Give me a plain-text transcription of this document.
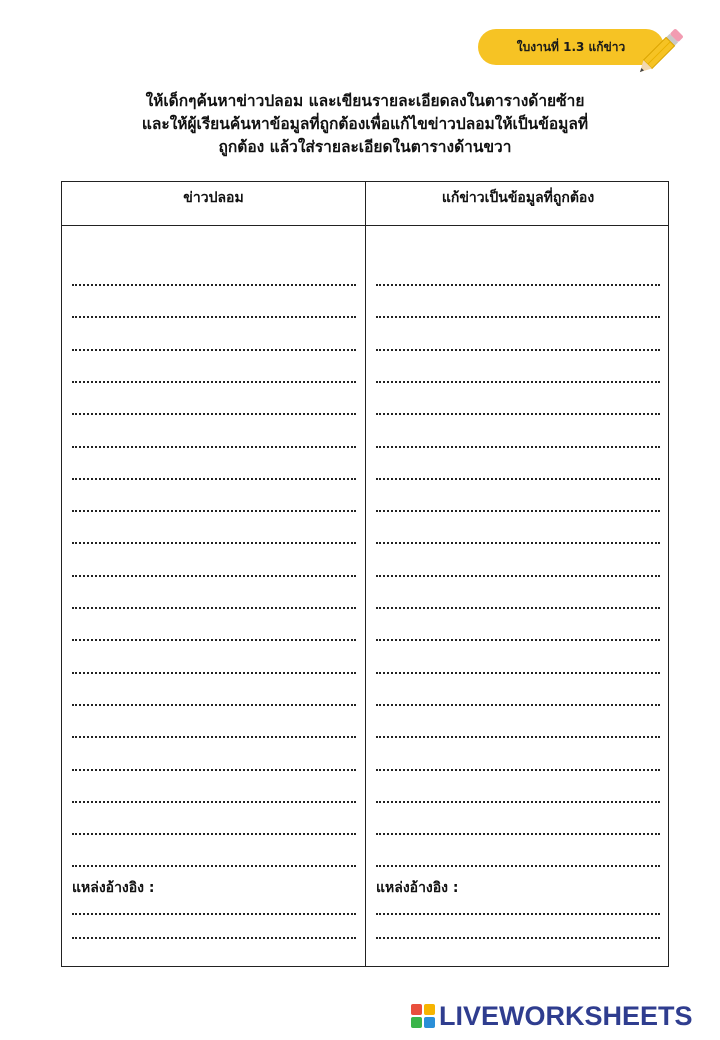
ใบงานที่ 1.3 แก้ข่าว
ให้เด็กๆค้นหาข่าวปลอม และเขียนรายละเอียดลงในตารางด้ายซ้าย
และให้ผู้เรียนค้นหาข้อมูลที่ถูกต้องเพื่อแก้ไขข่าวปลอมให้เป็นข้อมูลที่
ถูกต้อง แล้วใส่รายละเอียดในตารางด้านขวา
ข่าวปลอม	แก้ข่าวเป็นข้อมูลที่ถูกต้อง
แหล่งอ้างอิง :	แหล่งอ้างอิง :
LIVEWORKSHEETS
